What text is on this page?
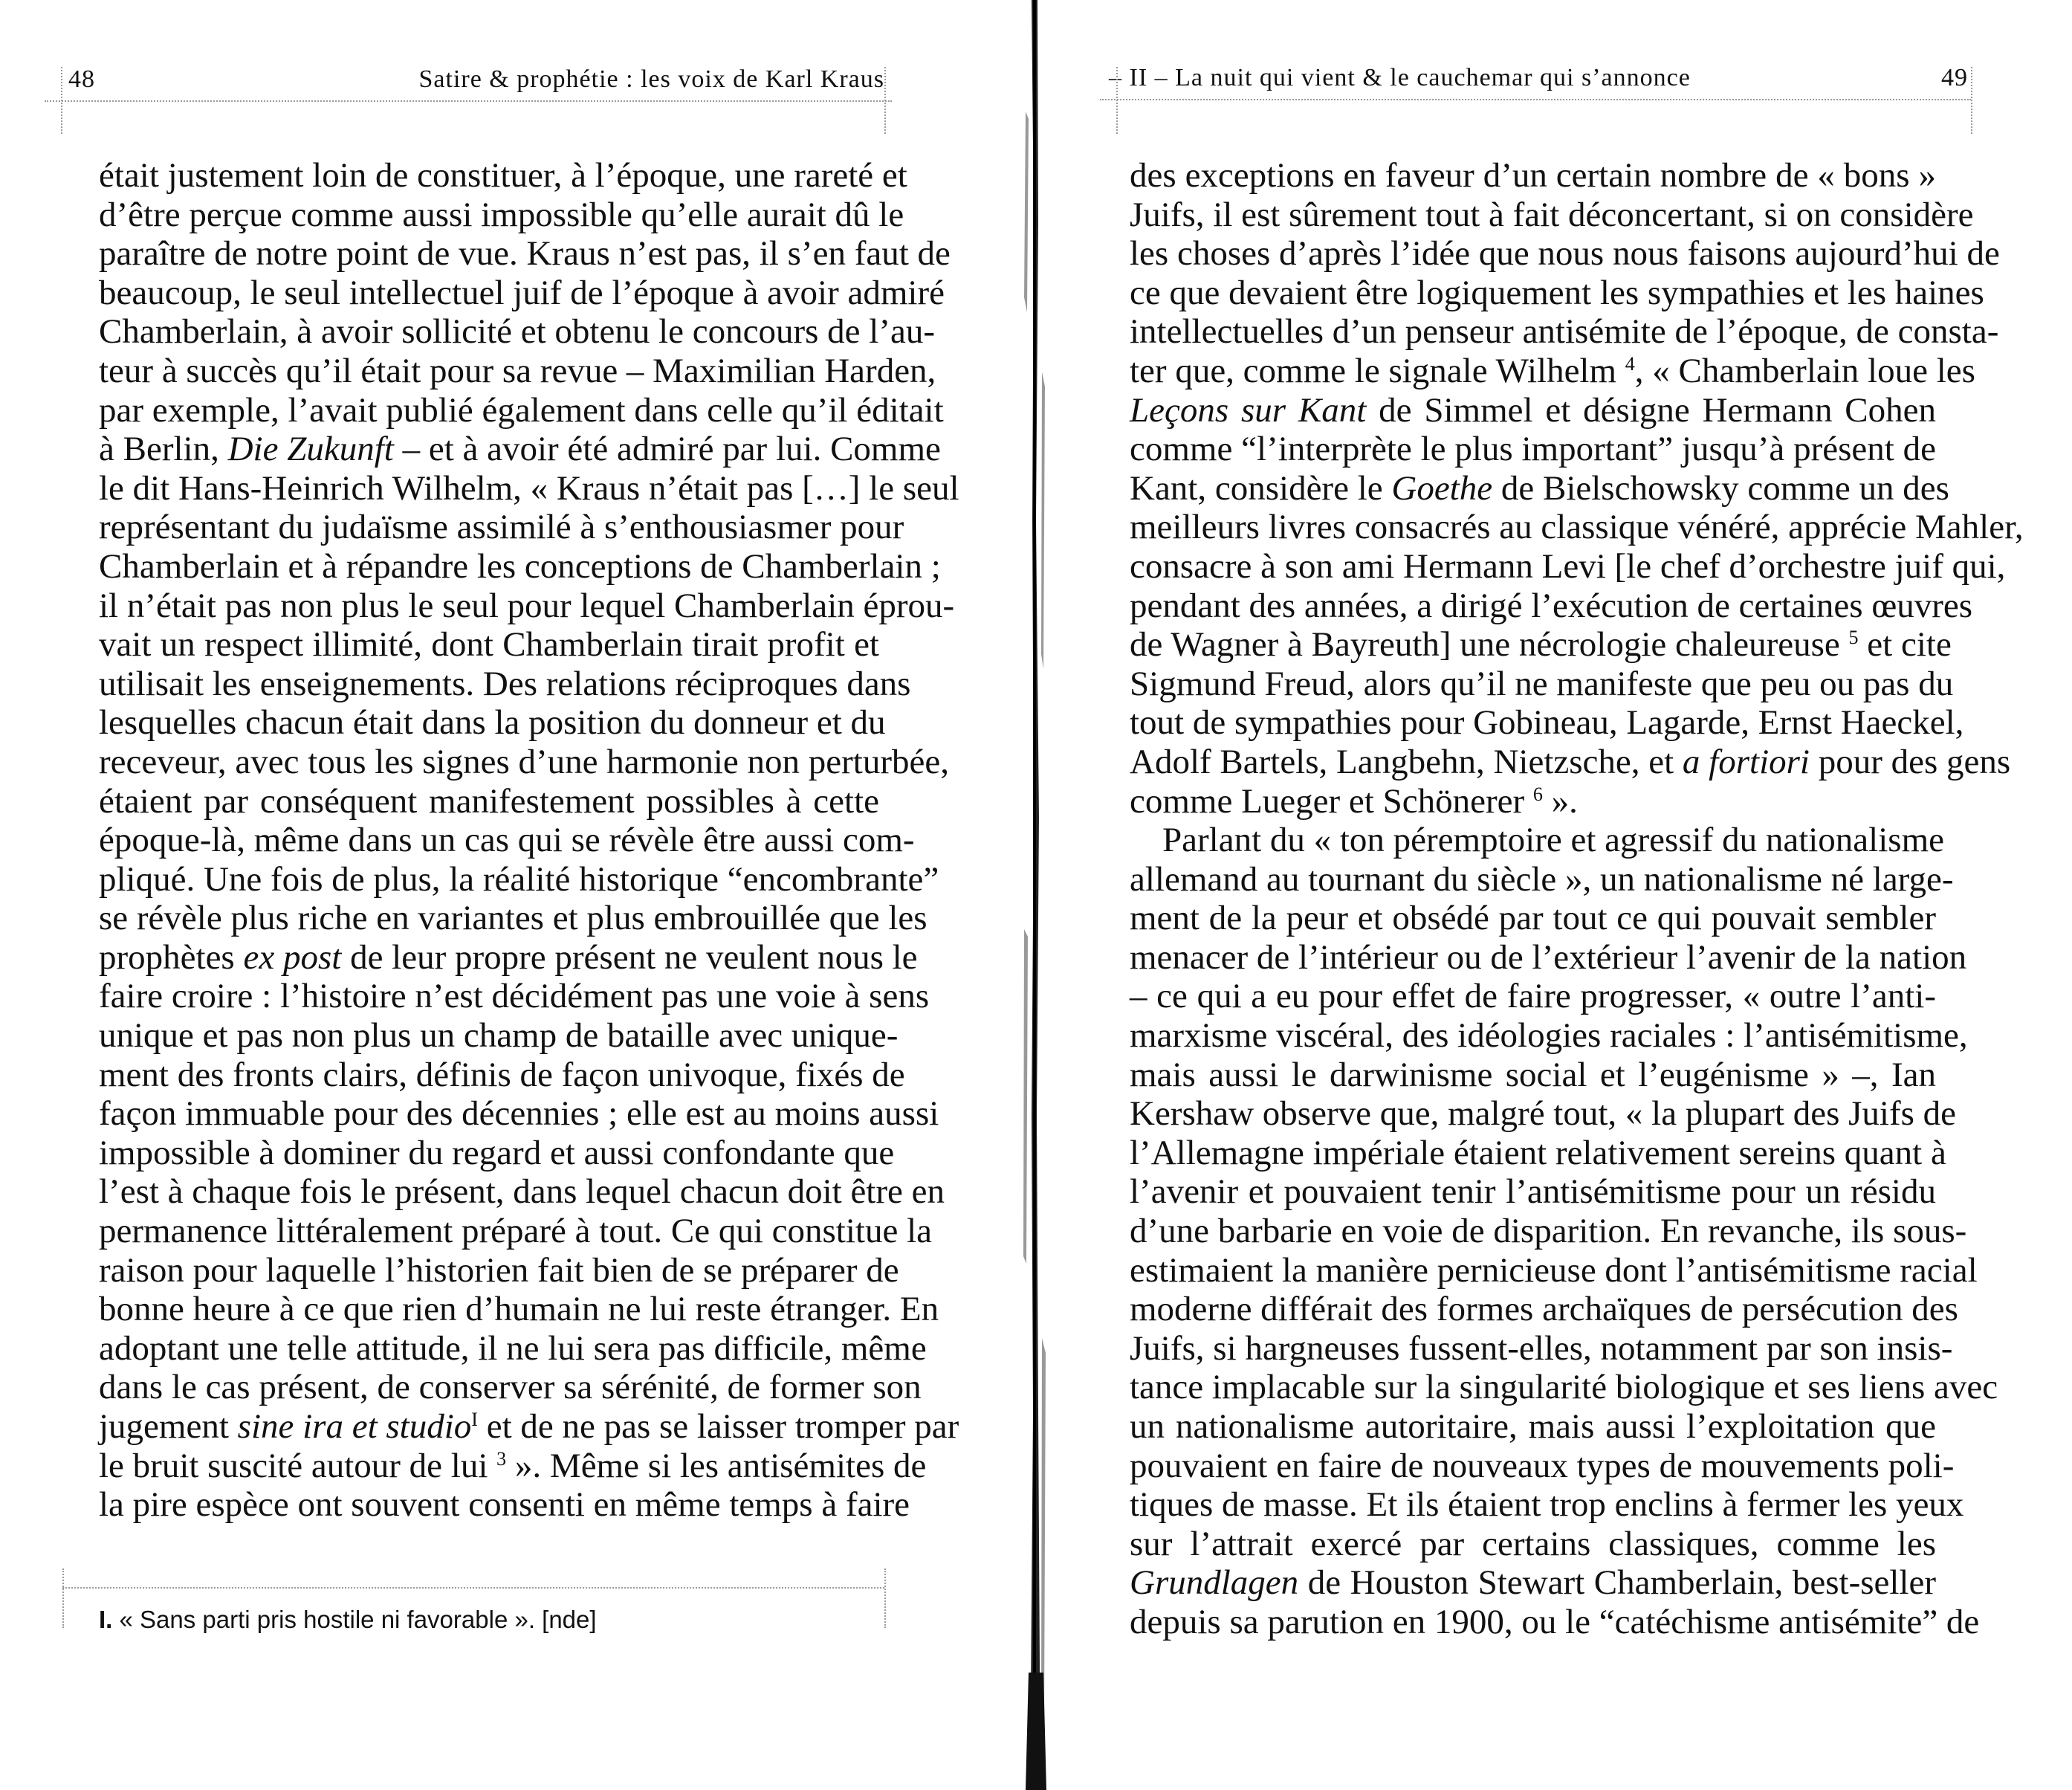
48	Satire & prophétie : les voix de Karl Kraus
était justement loin de constituer, à l’époque, une rareté et
d’être perçue comme aussi impossible qu’elle aurait dû le
paraître de notre point de vue. Kraus n’est pas, il s’en faut de
beaucoup, le seul intellectuel juif de l’époque à avoir admiré
Chamberlain, à avoir sollicité et obtenu le concours de l’au-
teur à succès qu’il était pour sa revue – Maximilian Harden,
par exemple, l’avait publié également dans celle qu’il éditait
à Berlin, Die Zukunft – et à avoir été admiré par lui. Comme
le dit Hans-Heinrich Wilhelm, « Kraus n’était pas […] le seul
représentant du judaïsme assimilé à s’enthousiasmer pour
Chamberlain et à répandre les conceptions de Chamberlain ;
il n’était pas non plus le seul pour lequel Chamberlain éprou-
vait un respect illimité, dont Chamberlain tirait profit et
utilisait les enseignements. Des relations réciproques dans
lesquelles chacun était dans la position du donneur et du
receveur, avec tous les signes d’une harmonie non perturbée,
étaient par conséquent manifestement possibles à cette
époque-là, même dans un cas qui se révèle être aussi com-
pliqué. Une fois de plus, la réalité historique “encombrante”
se révèle plus riche en variantes et plus embrouillée que les
prophètes ex post de leur propre présent ne veulent nous le
faire croire : l’histoire n’est décidément pas une voie à sens
unique et pas non plus un champ de bataille avec unique-
ment des fronts clairs, définis de façon univoque, fixés de
façon immuable pour des décennies ; elle est au moins aussi
impossible à dominer du regard et aussi confondante que
l’est à chaque fois le présent, dans lequel chacun doit être en
permanence littéralement préparé à tout. Ce qui constitue la
raison pour laquelle l’historien fait bien de se préparer de
bonne heure à ce que rien d’humain ne lui reste étranger. En
adoptant une telle attitude, il ne lui sera pas difficile, même
dans le cas présent, de conserver sa sérénité, de former son
jugement sine ira et studio$^I$ et de ne pas se laisser tromper par
le bruit suscité autour de lui $^3$ ». Même si les antisémites de
la pire espèce ont souvent consenti en même temps à faire
I. « Sans parti pris hostile ni favorable ». [nde]
– II – La nuit qui vient & le cauchemar qui s’annonce	49
des exceptions en faveur d’un certain nombre de « bons »
Juifs, il est sûrement tout à fait déconcertant, si on considère
les choses d’après l’idée que nous nous faisons aujourd’hui de
ce que devaient être logiquement les sympathies et les haines
intellectuelles d’un penseur antisémite de l’époque, de consta-
ter que, comme le signale Wilhelm $^4$, « Chamberlain loue les
Leçons sur Kant de Simmel et désigne Hermann Cohen
comme “l’interprète le plus important” jusqu’à présent de
Kant, considère le Goethe de Bielschowsky comme un des
meilleurs livres consacrés au classique vénéré, apprécie Mahler,
consacre à son ami Hermann Levi [le chef d’orchestre juif qui,
pendant des années, a dirigé l’exécution de certaines œuvres
de Wagner à Bayreuth] une nécrologie chaleureuse $^5$ et cite
Sigmund Freud, alors qu’il ne manifeste que peu ou pas du
tout de sympathies pour Gobineau, Lagarde, Ernst Haeckel,
Adolf Bartels, Langbehn, Nietzsche, et a fortiori pour des gens
comme Lueger et Schönerer $^6$ ».
Parlant du « ton péremptoire et agressif du nationalisme
allemand au tournant du siècle », un nationalisme né large-
ment de la peur et obsédé par tout ce qui pouvait sembler
menacer de l’intérieur ou de l’extérieur l’avenir de la nation
– ce qui a eu pour effet de faire progresser, « outre l’anti-
marxisme viscéral, des idéologies raciales : l’antisémitisme,
mais aussi le darwinisme social et l’eugénisme » –, Ian
Kershaw observe que, malgré tout, « la plupart des Juifs de
l’Allemagne impériale étaient relativement sereins quant à
l’avenir et pouvaient tenir l’antisémitisme pour un résidu
d’une barbarie en voie de disparition. En revanche, ils sous-
estimaient la manière pernicieuse dont l’antisémitisme racial
moderne différait des formes archaïques de persécution des
Juifs, si hargneuses fussent-elles, notamment par son insis-
tance implacable sur la singularité biologique et ses liens avec
un nationalisme autoritaire, mais aussi l’exploitation que
pouvaient en faire de nouveaux types de mouvements poli-
tiques de masse. Et ils étaient trop enclins à fermer les yeux
sur l’attrait exercé par certains classiques, comme les
Grundlagen de Houston Stewart Chamberlain, best-seller
depuis sa parution en 1900, ou le “catéchisme antisémite” de
